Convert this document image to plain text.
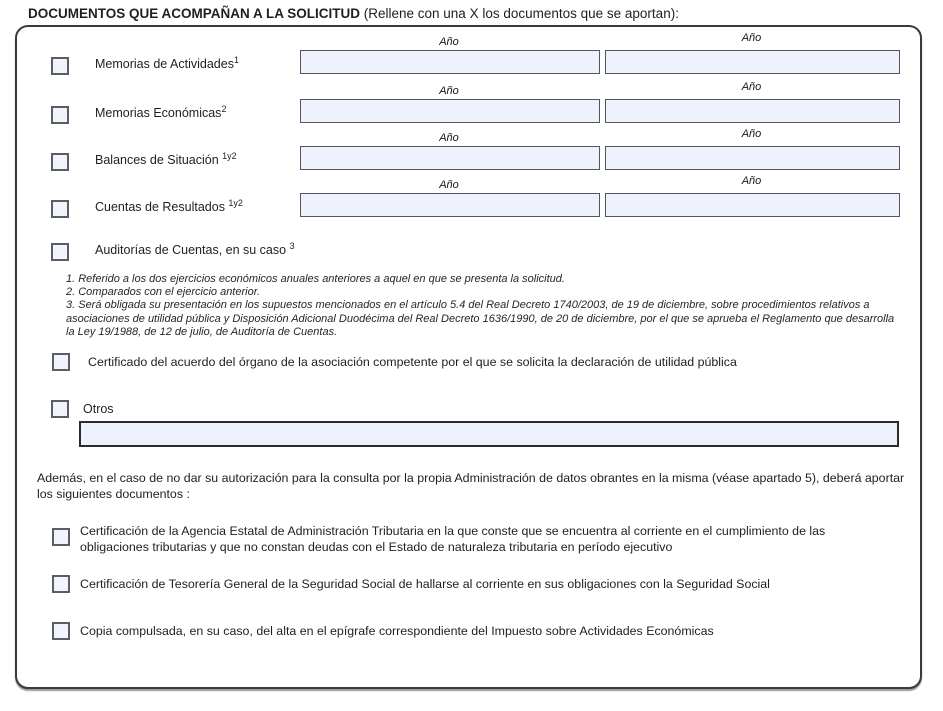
DOCUMENTOS QUE ACOMPAÑAN A LA SOLICITUD (Rellene con una X los documentos que se aportan):
Memorias de Actividades$^1$
Año	Año
Memorias Económicas$^2$
Año	Año
Balances de Situación $^{1y2}$
Año	Año
Cuentas de Resultados $^{1y2}$
Año	Año
Auditorías de Cuentas, en su caso $^3$
1. Referido a los dos ejercicios económicos anuales anteriores a aquel en que se presenta la solicitud.
2. Comparados con el ejercicio anterior.
3. Será obligada su presentación en los supuestos mencionados en el artículo 5.4 del Real Decreto 1740/2003, de 19 de diciembre, sobre procedimientos relativos a asociaciones de utilidad pública y Disposición Adicional Duodécima del Real Decreto 1636/1990, de 20 de diciembre, por el que se aprueba el Reglamento que desarrolla la Ley 19/1988, de 12 de julio, de Auditoría de Cuentas.
Certificado del acuerdo del órgano de la asociación competente por el que se solicita la declaración de utilidad pública
Otros
Además, en el caso de no dar su autorización para la consulta por la propia Administración de datos obrantes en la misma (véase apartado 5), deberá aportar los siguientes documentos :
Certificación de la Agencia Estatal de Administración Tributaria en la que conste que se encuentra al corriente en el cumplimiento de las obligaciones tributarias y que no constan deudas con el Estado de naturaleza tributaria en período ejecutivo
Certificación de Tesorería General de la Seguridad Social de hallarse al corriente en sus obligaciones con la Seguridad Social
Copia compulsada, en su caso, del alta en el epígrafe correspondiente del Impuesto sobre Actividades Económicas
